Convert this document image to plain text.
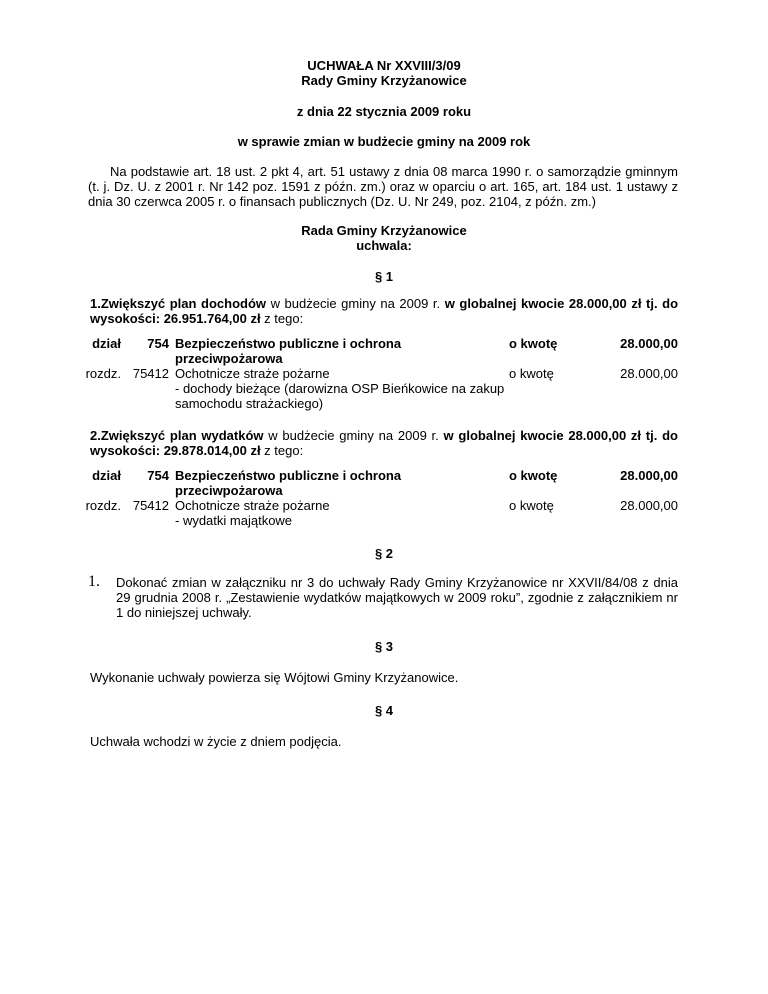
UCHWAŁA Nr XXVIII/3/09
Rady Gminy Krzyżanowice
z dnia 22 stycznia 2009 roku
w sprawie zmian w budżecie gminy na 2009 rok
Na podstawie art. 18 ust. 2 pkt 4, art. 51 ustawy z dnia 08 marca 1990 r. o samorządzie gminnym (t. j. Dz. U. z 2001 r. Nr 142 poz. 1591 z późn. zm.) oraz w oparciu o art. 165, art. 184 ust. 1 ustawy z dnia 30 czerwca 2005 r. o finansach publicznych (Dz. U. Nr 249, poz. 2104, z późn. zm.)
Rada Gminy Krzyżanowice
uchwala:
§ 1
1.Zwiększyć plan dochodów w budżecie gminy na 2009 r. w globalnej kwocie 28.000,00 zł tj. do wysokości: 26.951.764,00 zł z tego:
dział	754	Bezpieczeństwo publiczne i ochrona przeciwpożarowa	o kwotę	28.000,00
rozdz.	75412	Ochotnicze straże pożarne
- dochody bieżące (darowizna OSP Bieńkowice na zakup samochodu strażackiego)	o kwotę	28.000,00
2.Zwiększyć plan wydatków w budżecie gminy na 2009 r. w globalnej kwocie 28.000,00 zł tj. do wysokości: 29.878.014,00 zł z tego:
dział	754	Bezpieczeństwo publiczne i ochrona przeciwpożarowa	o kwotę	28.000,00
rozdz.	75412	Ochotnicze straże pożarne
- wydatki majątkowe	o kwotę	28.000,00
§ 2
1. Dokonać zmian w załączniku nr 3 do uchwały Rady Gminy Krzyżanowice nr XXVII/84/08 z dnia 29 grudnia 2008 r. „Zestawienie wydatków majątkowych w 2009 roku”, zgodnie z załącznikiem nr 1 do niniejszej uchwały.
§ 3
Wykonanie uchwały powierza się Wójtowi Gminy Krzyżanowice.
§ 4
Uchwała wchodzi w życie z dniem podjęcia.
